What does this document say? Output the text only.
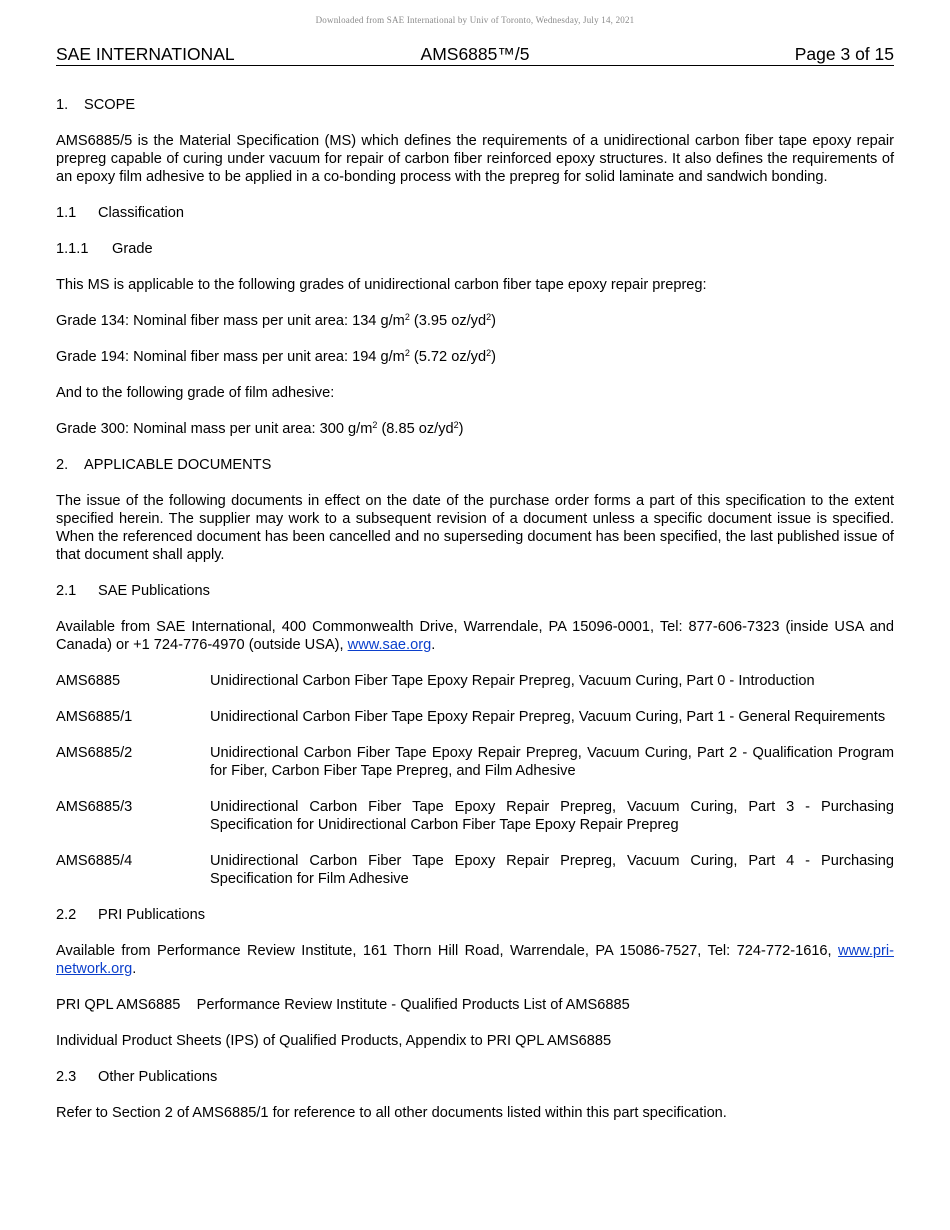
Downloaded from SAE International by Univ of Toronto, Wednesday, July 14, 2021
SAE INTERNATIONAL	AMS6885™/5	Page 3 of 15

1. SCOPE

AMS6885/5 is the Material Specification (MS) which defines the requirements of a unidirectional carbon fiber tape epoxy repair prepreg capable of curing under vacuum for repair of carbon fiber reinforced epoxy structures. It also defines the requirements of an epoxy film adhesive to be applied in a co-bonding process with the prepreg for solid laminate and sandwich bonding.

1.1 Classification

1.1.1 Grade

This MS is applicable to the following grades of unidirectional carbon fiber tape epoxy repair prepreg:

Grade 134: Nominal fiber mass per unit area: 134 $g/m^2$ (3.95 $oz/yd^2$)

Grade 194: Nominal fiber mass per unit area: 194 $g/m^2$ (5.72 $oz/yd^2$)

And to the following grade of film adhesive:

Grade 300: Nominal mass per unit area: 300 $g/m^2$ (8.85 $oz/yd^2$)

2. APPLICABLE DOCUMENTS

The issue of the following documents in effect on the date of the purchase order forms a part of this specification to the extent specified herein. The supplier may work to a subsequent revision of a document unless a specific document issue is specified. When the referenced document has been cancelled and no superseding document has been specified, the last published issue of that document shall apply.

2.1 SAE Publications

Available from SAE International, 400 Commonwealth Drive, Warrendale, PA 15096-0001, Tel: 877-606-7323 (inside USA and Canada) or +1 724-776-4970 (outside USA), www.sae.org.

AMS6885	Unidirectional Carbon Fiber Tape Epoxy Repair Prepreg, Vacuum Curing, Part 0 - Introduction
AMS6885/1	Unidirectional Carbon Fiber Tape Epoxy Repair Prepreg, Vacuum Curing, Part 1 - General Requirements
AMS6885/2	Unidirectional Carbon Fiber Tape Epoxy Repair Prepreg, Vacuum Curing, Part 2 - Qualification Program for Fiber, Carbon Fiber Tape Prepreg, and Film Adhesive
AMS6885/3	Unidirectional Carbon Fiber Tape Epoxy Repair Prepreg, Vacuum Curing, Part 3 - Purchasing Specification for Unidirectional Carbon Fiber Tape Epoxy Repair Prepreg
AMS6885/4	Unidirectional Carbon Fiber Tape Epoxy Repair Prepreg, Vacuum Curing, Part 4 - Purchasing Specification for Film Adhesive

2.2 PRI Publications

Available from Performance Review Institute, 161 Thorn Hill Road, Warrendale, PA 15086-7527, Tel: 724-772-1616, www.pri-network.org.

PRI QPL AMS6885 Performance Review Institute - Qualified Products List of AMS6885

Individual Product Sheets (IPS) of Qualified Products, Appendix to PRI QPL AMS6885

2.3 Other Publications

Refer to Section 2 of AMS6885/1 for reference to all other documents listed within this part specification.
